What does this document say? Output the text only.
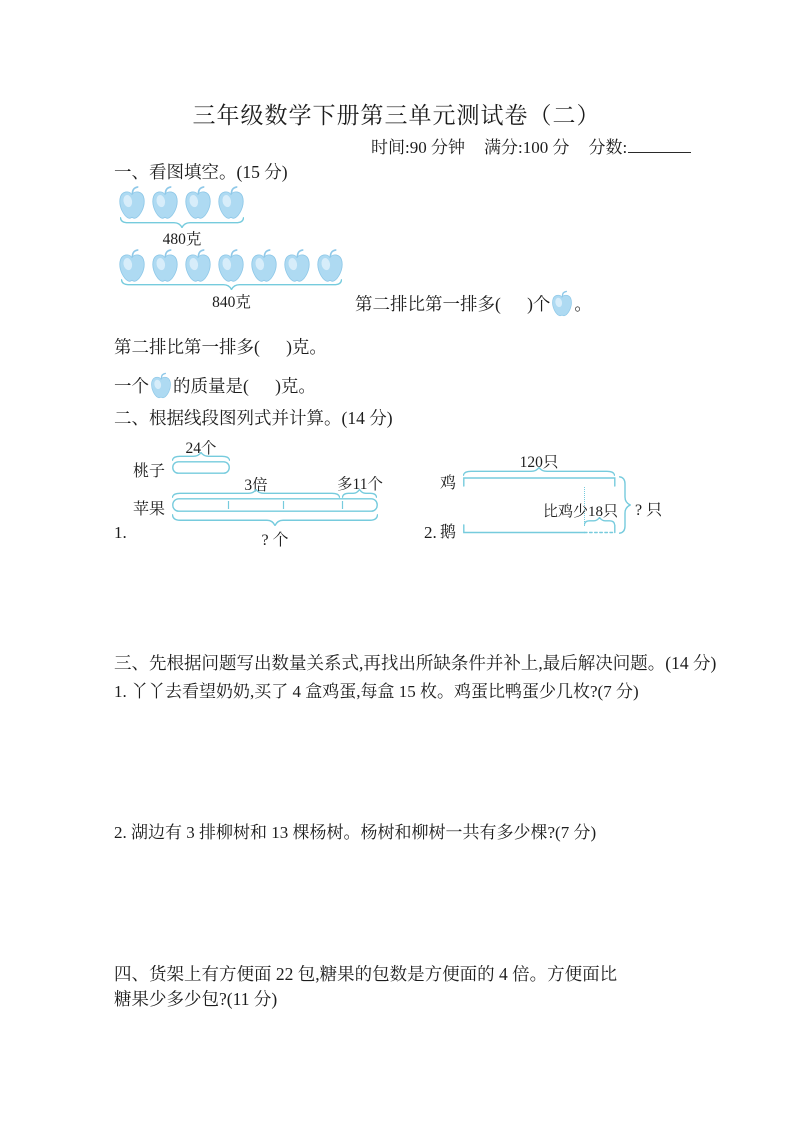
三年级数学下册第三单元测试卷（二）
时间:90 分钟 满分:100 分 分数:
一、看图填空。(15 分)
480克
840克	第二排比第一排多(      )个 。
第二排比第一排多(      )克。
一个 的质量是(      )克。
二、根据线段图列式并计算。(14 分)
24个
桃子
3倍	多11个
苹果
? 个
1.
120只
鸡
比鸡少18只
鹅
? 只
2.
三、先根据问题写出数量关系式,再找出所缺条件并补上,最后解决问题。(14 分)
1. 丫丫去看望奶奶,买了 4 盒鸡蛋,每盒 15 枚。鸡蛋比鸭蛋少几枚?(7 分)
2. 湖边有 3 排柳树和 13 棵杨树。杨树和柳树一共有多少棵?(7 分)
四、货架上有方便面 22 包,糖果的包数是方便面的 4 倍。方便面比糖果少多少包?(11 分)
